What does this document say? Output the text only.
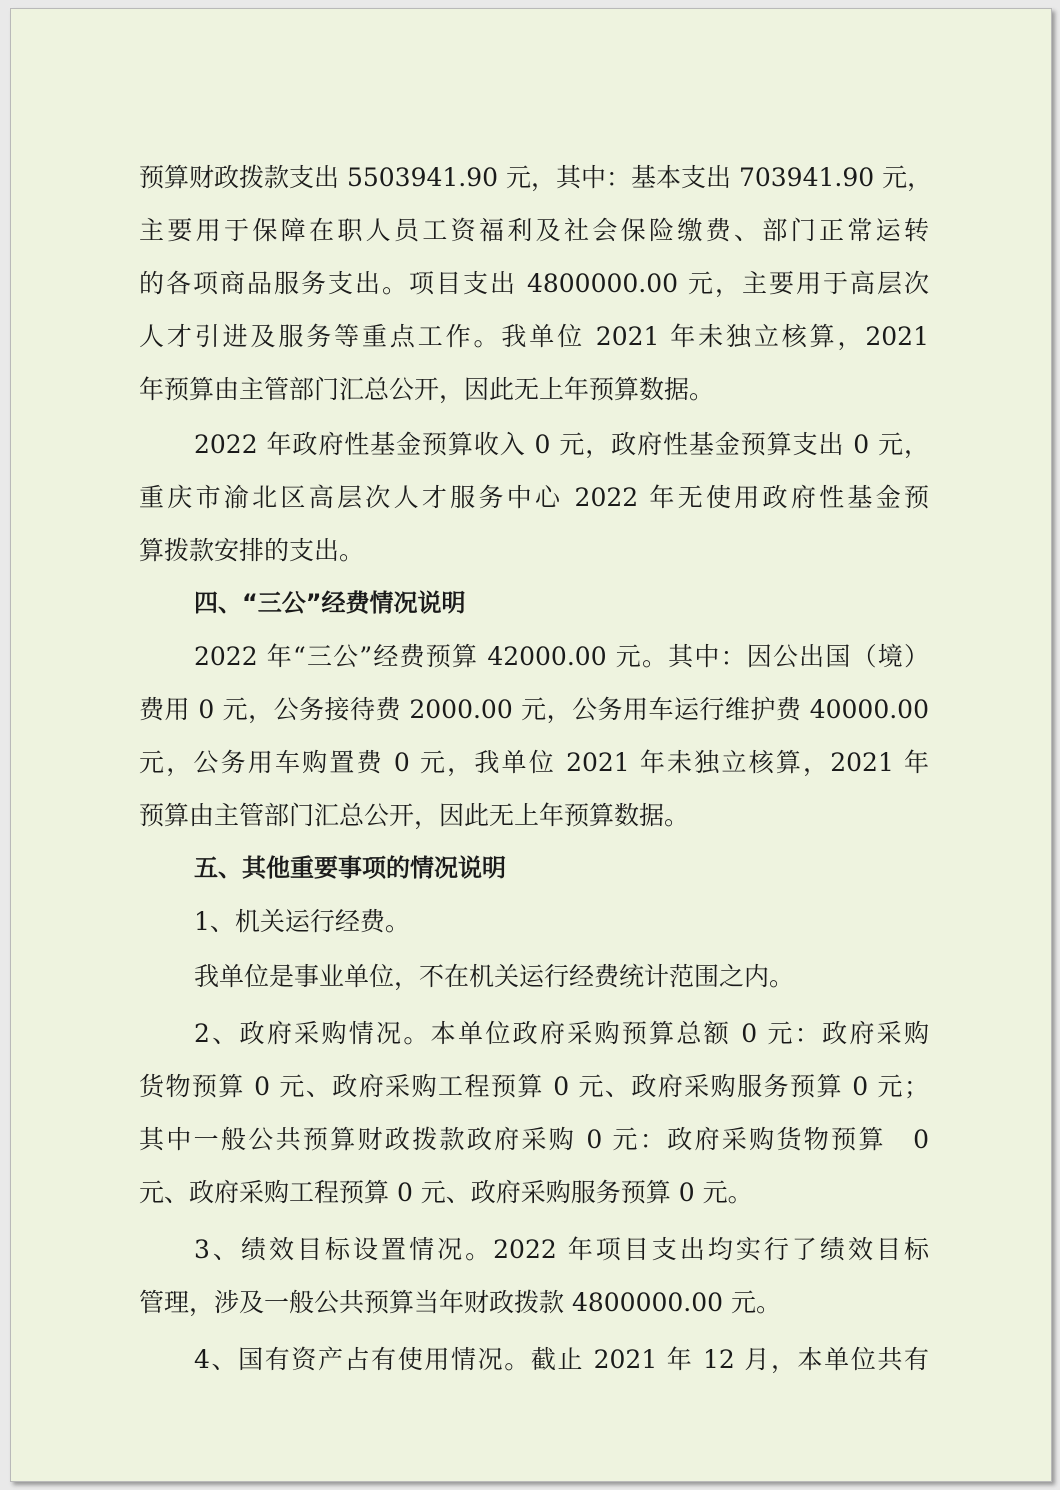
预算财政拨款支出 5503941.90 元，其中：基本支出 703941.90 元，
主要用于保障在职人员工资福利及社会保险缴费、部门正常运转
的各项商品服务支出。项目支出 4800000.00 元，主要用于高层次
人才引进及服务等重点工作。我单位 2021 年未独立核算，2021
年预算由主管部门汇总公开，因此无上年预算数据。
2022 年政府性基金预算收入 0 元，政府性基金预算支出 0 元，
重庆市渝北区高层次人才服务中心 2022 年无使用政府性基金预
算拨款安排的支出。
四、“三公”经费情况说明
2022 年“三公”经费预算 42000.00 元。其中：因公出国（境）
费用 0 元，公务接待费 2000.00 元，公务用车运行维护费 40000.00
元，公务用车购置费 0 元，我单位 2021 年未独立核算，2021 年
预算由主管部门汇总公开，因此无上年预算数据。
五、其他重要事项的情况说明
1、机关运行经费。
我单位是事业单位，不在机关运行经费统计范围之内。
2、政府采购情况。本单位政府采购预算总额 0 元：政府采购
货物预算 0 元、政府采购工程预算 0 元、政府采购服务预算 0 元；
其中一般公共预算财政拨款政府采购 0 元：政府采购货物预算　0
元、政府采购工程预算 0 元、政府采购服务预算 0 元。
3、绩效目标设置情况。2022 年项目支出均实行了绩效目标
管理，涉及一般公共预算当年财政拨款 4800000.00 元。
4、国有资产占有使用情况。截止 2021 年 12 月，本单位共有
